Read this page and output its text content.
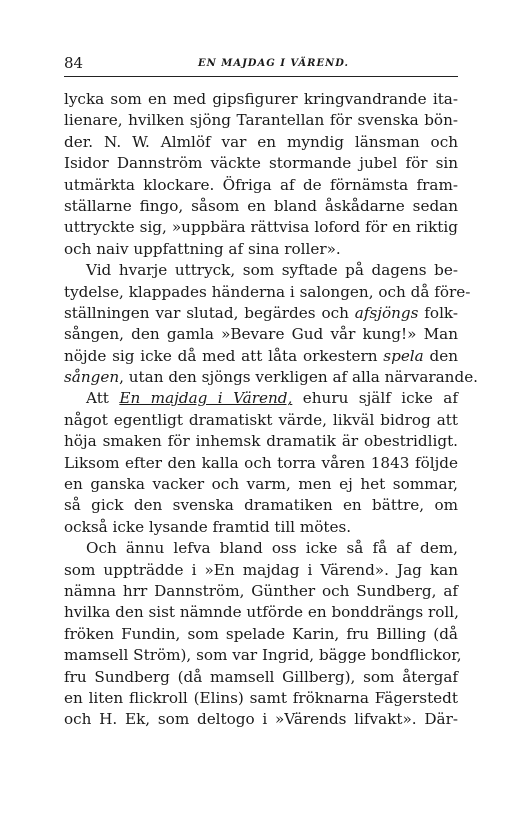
84	EN MAJDAG I VÄREND.
lycka som en med gipsfigurer kringvandrande ita-
lienare, hvilken sjöng Tarantellan för svenska bön-
der. N. W. Almlöf var en myndig länsman och
Isidor Dannström väckte stormande jubel för sin
utmärkta klockare. Öfriga af de förnämsta fram-
ställarne fingo, såsom en bland åskådarne sedan
uttryckte sig, »uppbära rättvisa loford för en riktig
och naiv uppfattning af sina roller».
Vid hvarje uttryck, som syftade på dagens be-
tydelse, klappades händerna i salongen, och då före-
ställningen var slutad, begärdes och afsjöngs folk-
sången, den gamla »Bevare Gud vår kung!» Man
nöjde sig icke då med att låta orkestern spela den
sången, utan den sjöngs verkligen af alla närvarande.
Att En majdag i Värend, ehuru själf icke af
något egentligt dramatiskt värde, likväl bidrog att
höja smaken för inhemsk dramatik är obestridligt.
Liksom efter den kalla och torra våren 1843 följde
en ganska vacker och varm, men ej het sommar,
så gick den svenska dramatiken en bättre, om
också icke lysande framtid till mötes.
Och ännu lefva bland oss icke så få af dem,
som uppträdde i »En majdag i Värend». Jag kan
nämna hrr Dannström, Günther och Sundberg, af
hvilka den sist nämnde utförde en bonddrängs roll,
fröken Fundin, som spelade Karin, fru Billing (då
mamsell Ström), som var Ingrid, bägge bondflickor,
fru Sundberg (då mamsell Gillberg), som återgaf
en liten flickroll (Elins) samt fröknarna Fägerstedt
och H. Ek, som deltogo i »Värends lifvakt». Där-
